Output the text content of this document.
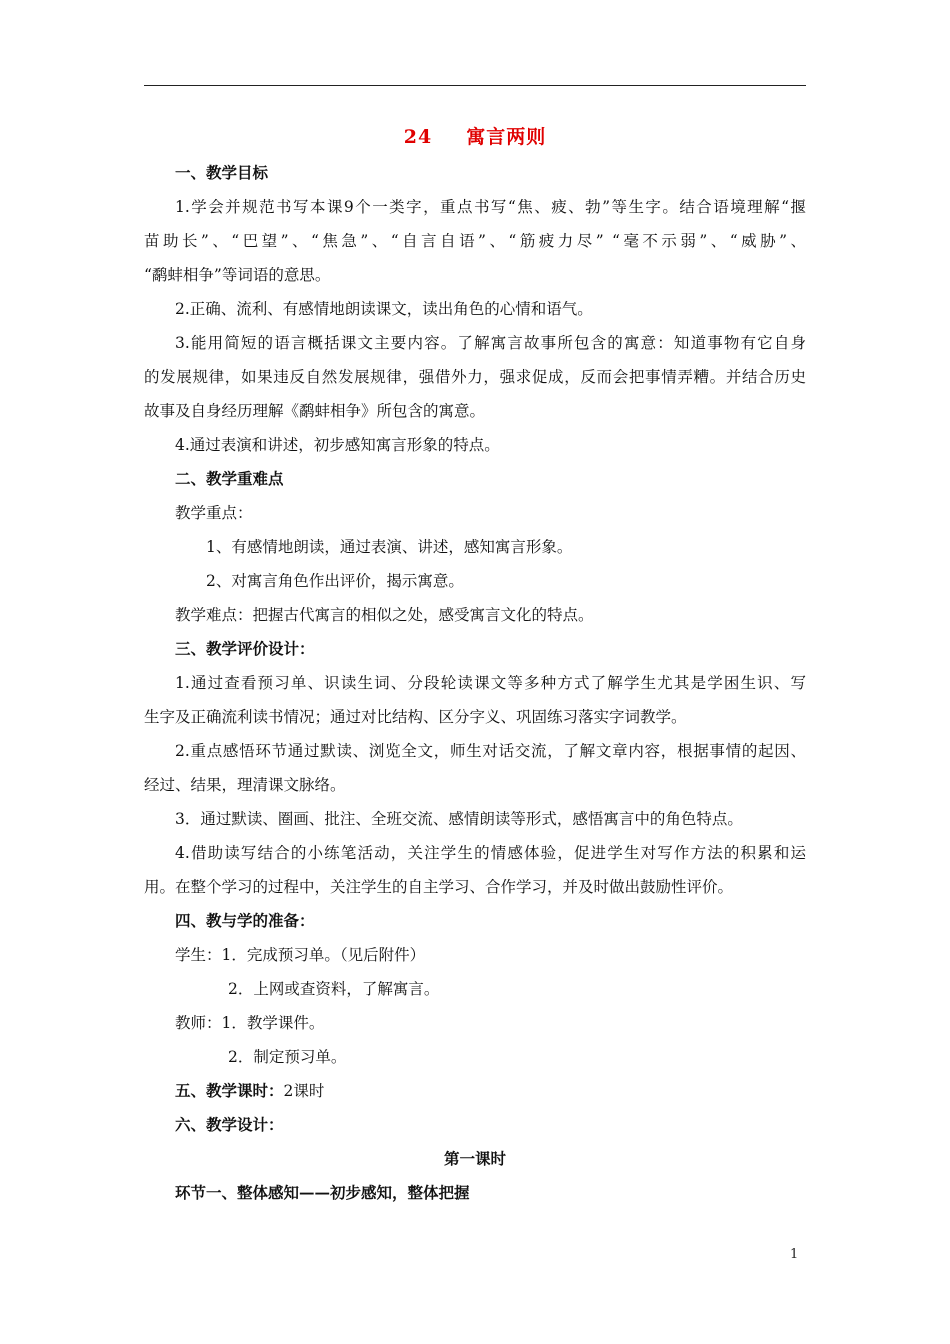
24 寓言两则

一、教学目标

1.学会并规范书写本课9个一类字，重点书写“焦、疲、勃”等生字。结合语境理解“揠

苗助长”、“巴望”、“焦急”、“自言自语”、“筋疲力尽” “毫不示弱”、“威胁”、

“鹬蚌相争”等词语的意思。

2.正确、流利、有感情地朗读课文，读出角色的心情和语气。

3.能用简短的语言概括课文主要内容。了解寓言故事所包含的寓意：知道事物有它自身

的发展规律，如果违反自然发展规律，强借外力，强求促成，反而会把事情弄糟。并结合历史

故事及自身经历理解《鹬蚌相争》所包含的寓意。

4.通过表演和讲述，初步感知寓言形象的特点。

二、教学重难点

教学重点：

1、有感情地朗读，通过表演、讲述，感知寓言形象。

2、对寓言角色作出评价，揭示寓意。

教学难点：把握古代寓言的相似之处，感受寓言文化的特点。

三、教学评价设计：

1.通过查看预习单、识读生词、分段轮读课文等多种方式了解学生尤其是学困生识、写

生字及正确流利读书情况；通过对比结构、区分字义、巩固练习落实字词教学。

2.重点感悟环节通过默读、浏览全文，师生对话交流，了解文章内容，根据事情的起因、

经过、结果，理清课文脉络。

3．通过默读、圈画、批注、全班交流、感情朗读等形式，感悟寓言中的角色特点。

4.借助读写结合的小练笔活动，关注学生的情感体验，促进学生对写作方法的积累和运

用。在整个学习的过程中，关注学生的自主学习、合作学习，并及时做出鼓励性评价。

四、教与学的准备：

学生：1．完成预习单。（见后附件）

2．上网或查资料，了解寓言。

教师：1．教学课件。

2．制定预习单。

五、教学课时：2课时

六、教学设计：

第一课时

环节一、整体感知——初步感知，整体把握

1
